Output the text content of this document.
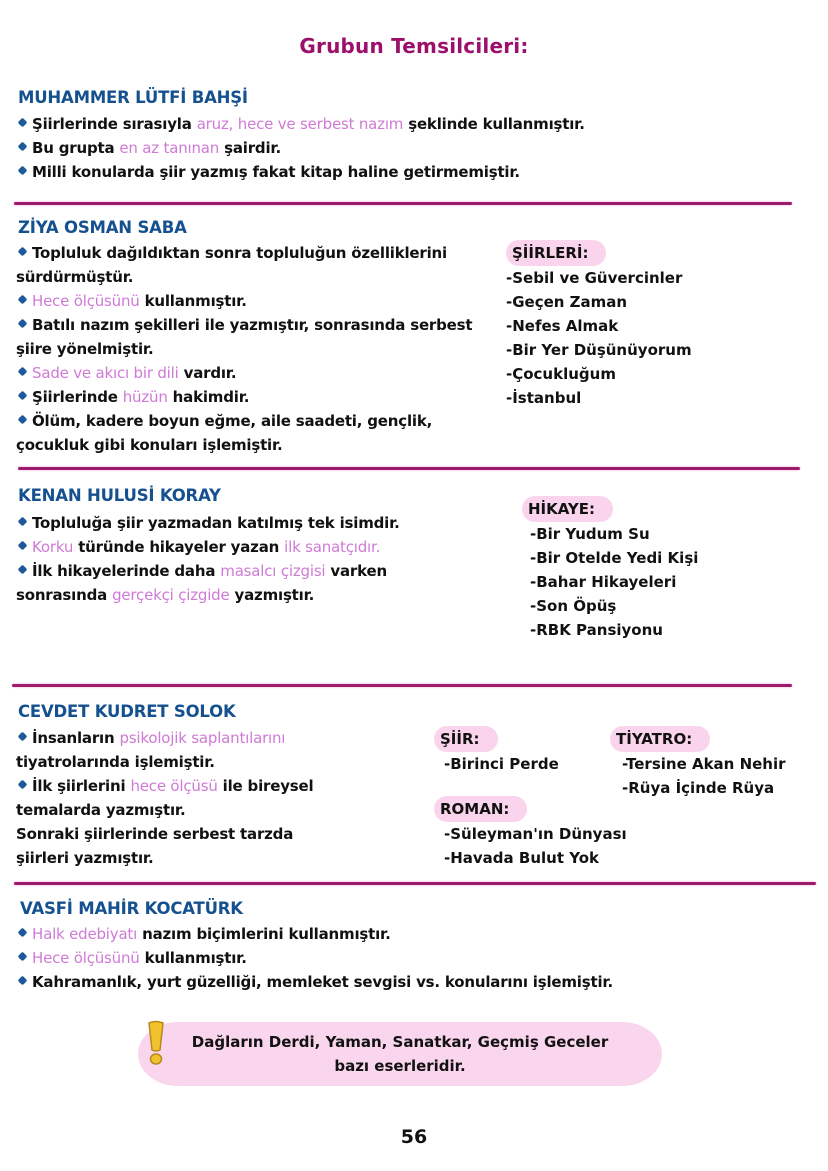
Grubun Temsilcileri:
MUHAMMER LÜTFİ BAHŞİ
Şiirlerinde sırasıyla aruz, hece ve serbest nazım şeklinde kullanmıştır.
Bu grupta en az tanınan şairdir.
Milli konularda şiir yazmış fakat kitap haline getirmemiştir.
ZİYA OSMAN SABA
Topluluk dağıldıktan sonra topluluğun özelliklerini
sürdürmüştür.
Hece ölçüsünü kullanmıştır.
Batılı nazım şekilleri ile yazmıştır, sonrasında serbest
şiire yönelmiştir.
Sade ve akıcı bir dili vardır.
Şiirlerinde hüzün hakimdir.
Ölüm, kadere boyun eğme, aile saadeti, gençlik,
çocukluk gibi konuları işlemiştir.
ŞİİRLERİ:
-Sebil ve Güvercinler
-Geçen Zaman
-Nefes Almak
-Bir Yer Düşünüyorum
-Çocukluğum
-İstanbul
KENAN HULUSİ KORAY
Topluluğa şiir yazmadan katılmış tek isimdir.
Korku türünde hikayeler yazan ilk sanatçıdır.
İlk hikayelerinde daha masalcı çizgisi varken
sonrasında gerçekçi çizgide yazmıştır.
HİKAYE:
-Bir Yudum Su
-Bir Otelde Yedi Kişi
-Bahar Hikayeleri
-Son Öpüş
-RBK Pansiyonu
CEVDET KUDRET SOLOK
İnsanların psikolojik saplantılarını
tiyatrolarında işlemiştir.
İlk şiirlerini hece ölçüsü ile bireysel
temalarda yazmıştır.
Sonraki şiirlerinde serbest tarzda
şiirleri yazmıştır.
ŞİİR:
-Birinci Perde
ROMAN:
-Süleyman'ın Dünyası
-Havada Bulut Yok
TİYATRO:
-Tersine Akan Nehir
-Rüya İçinde Rüya
VASFİ MAHİR KOCATÜRK
Halk edebiyatı nazım biçimlerini kullanmıştır.
Hece ölçüsünü kullanmıştır.
Kahramanlık, yurt güzelliği, memleket sevgisi vs. konularını işlemiştir.
Dağların Derdi, Yaman, Sanatkar, Geçmiş Geceler
bazı eserleridir.
56
